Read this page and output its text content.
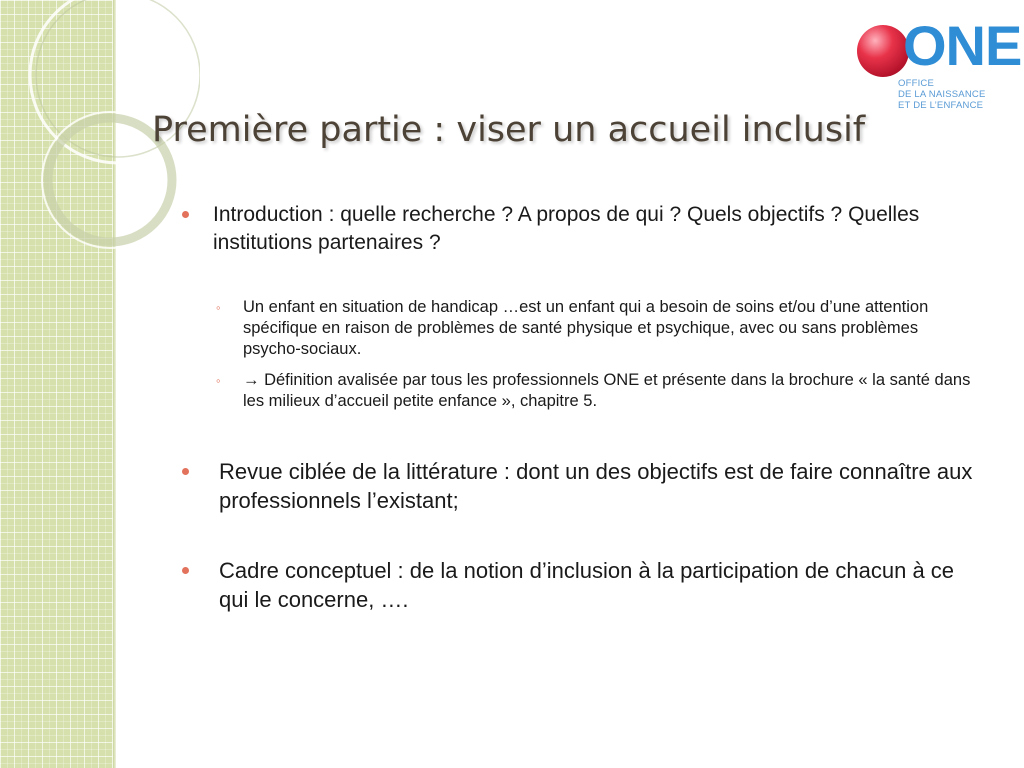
ONE
OFFICE
DE LA NAISSANCE
ET DE L’ENFANCE
Première partie : viser un accueil inclusif
Introduction : quelle recherche ? A propos de qui ? Quels objectifs ? Quelles institutions partenaires ?
◦ Un enfant en situation de handicap …est un enfant qui a besoin de soins et/ou d’une attention spécifique en raison de problèmes de santé physique et psychique, avec ou sans problèmes psycho-sociaux.
◦ → Définition avalisée par tous les professionnels ONE et présente dans la brochure « la santé dans les milieux d’accueil petite enfance », chapitre 5.
Revue ciblée de la littérature : dont un des objectifs est de faire connaître aux professionnels l’existant;
Cadre conceptuel : de la notion d’inclusion à la participation de chacun à ce qui le concerne, ….
